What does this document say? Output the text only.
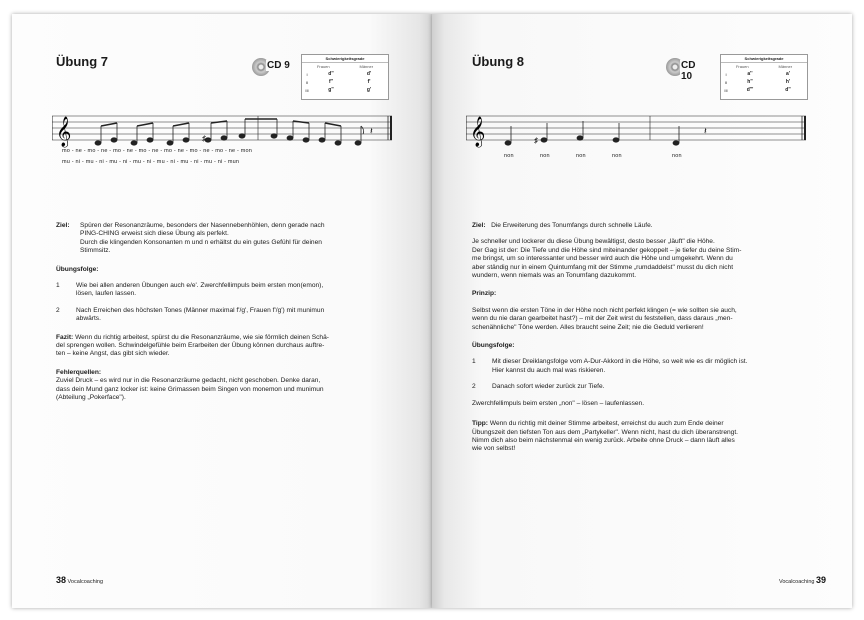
Übung 7	CD 9
Schwierigkeitsgrade
Frauen	Männer
I	d''	d'
II	f''	f'
III	g''	g'
𝄞	♯
𝄽
mo - ne - mo - ne - mo - ne - mo - ne - mo - ne - mo - ne - mo - ne - mon
mu - ni - mu - ni - mu - ni - mu - ni - mu - ni - mu - ni - mu - ni - mun
Ziel:	Spüren der Resonanzräume, besonders der Nasennebenhöhlen, denn gerade nach

PING-CHING erweist sich diese Übung als perfekt.

Durch die klingenden Konsonanten m und n erhältst du ein gutes Gefühl für deinen

Stimmsitz.

Übungsfolge:

1	Wie bei allen anderen Übungen auch e/e'. Zwerchfellimpuls beim ersten mon(emon),

lösen, laufen lassen.

2	Nach Erreichen des höchsten Tones (Männer maximal f'/g', Frauen f'/g') mit munimun

abwärts.

Fazit: Wenn du richtig arbeitest, spürst du die Resonanzräume, wie sie förmlich deinen Schä-

del sprengen wollen. Schwindelgefühle beim Erarbeiten der Übung können durchaus auftre-

ten – keine Angst, das gibt sich wieder.

Fehlerquellen:

Zuviel Druck – es wird nur in die Resonanzräume gedacht, nicht geschoben. Denke daran,

dass dein Mund ganz locker ist: keine Grimassen beim Singen von monemon und munimun

(Abteilung „Pokerface").

38 Vocalcoaching
Übung 8	CD 10
Schwierigkeitsgrade
Frauen	Männer
I	a''	a'
II	h''	h'
III	d'''	d''
𝄞	♯
𝄽
non	non	non	non	non

Ziel: Die Erweiterung des Tonumfangs durch schnelle Läufe.

Je schneller und lockerer du diese Übung bewältigst, desto besser „läuft" die Höhe.

Der Gag ist der: Die Tiefe und die Höhe sind miteinander gekoppelt – je tiefer du deine Stim-

me bringst, um so interessanter und besser wird auch die Höhe und umgekehrt. Wenn du

aber ständig nur in einem Quintumfang mit der Stimme „rumdaddelst" musst du dich nicht

wundern, wenn niemals was an Tonumfang dazukommt.

Prinzip:

Selbst wenn die ersten Töne in der Höhe noch nicht perfekt klingen (= wie sollten sie auch,

wenn du nie daran gearbeitet hast?) – mit der Zeit wirst du feststellen, dass daraus „men-

schenähnliche" Töne werden. Alles braucht seine Zeit; nie die Geduld verlieren!

Übungsfolge:

1	Mit dieser Dreiklangsfolge vom A-Dur-Akkord in die Höhe, so weit wie es dir möglich ist.

Hier kannst du auch mal was riskieren.

2	Danach sofort wieder zurück zur Tiefe.

Zwerchfellimpuls beim ersten „non" – lösen – laufenlassen.

Tipp: Wenn du richtig mit deiner Stimme arbeitest, erreichst du auch zum Ende deiner

Übungszeit den tiefsten Ton aus dem „Partykeller". Wenn nicht, hast du dich überanstrengt.

Nimm dich also beim nächstenmal ein wenig zurück. Arbeite ohne Druck – dann läuft alles

wie von selbst!

Vocalcoaching 39
